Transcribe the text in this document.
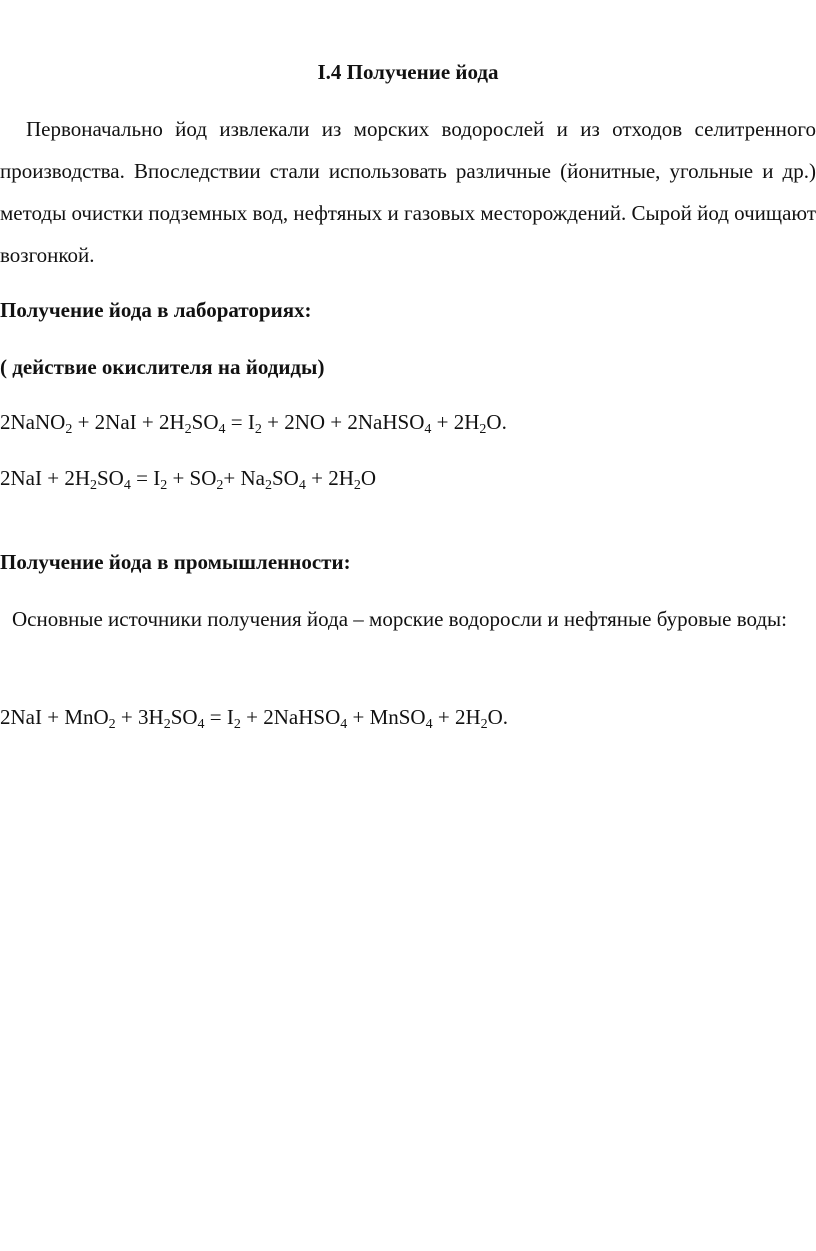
I.4 Получение йода

Первоначально йод извлекали из морских водорослей и из отходов селитренного производства. Впоследствии стали использовать различные (йонитные, угольные и др.) методы очистки подземных вод, нефтяных и газовых месторождений. Сырой йод очищают возгонкой.

Получение йода в лабораториях:
( действие окислителя на йодиды)

2NaNO$_2$ + $2NaI + 2H_2SO_4 = I_2 + 2NO$ + 2NaHSO$_4$ + $2H_2O$.

$2NaI + 2H_2SO_4 = I_2 + SO_2+ Na_2SO_4 + 2H_2O$

Получение йода в промышленности:

Основные источники получения йода – морские водоросли и нефтяные буровые воды:

$2NaI + MnO_2 + 3H_2SO_4 = I_2$ + 2NaHSO$_4$ + MnSO$_4$ + $2H_2O$.
